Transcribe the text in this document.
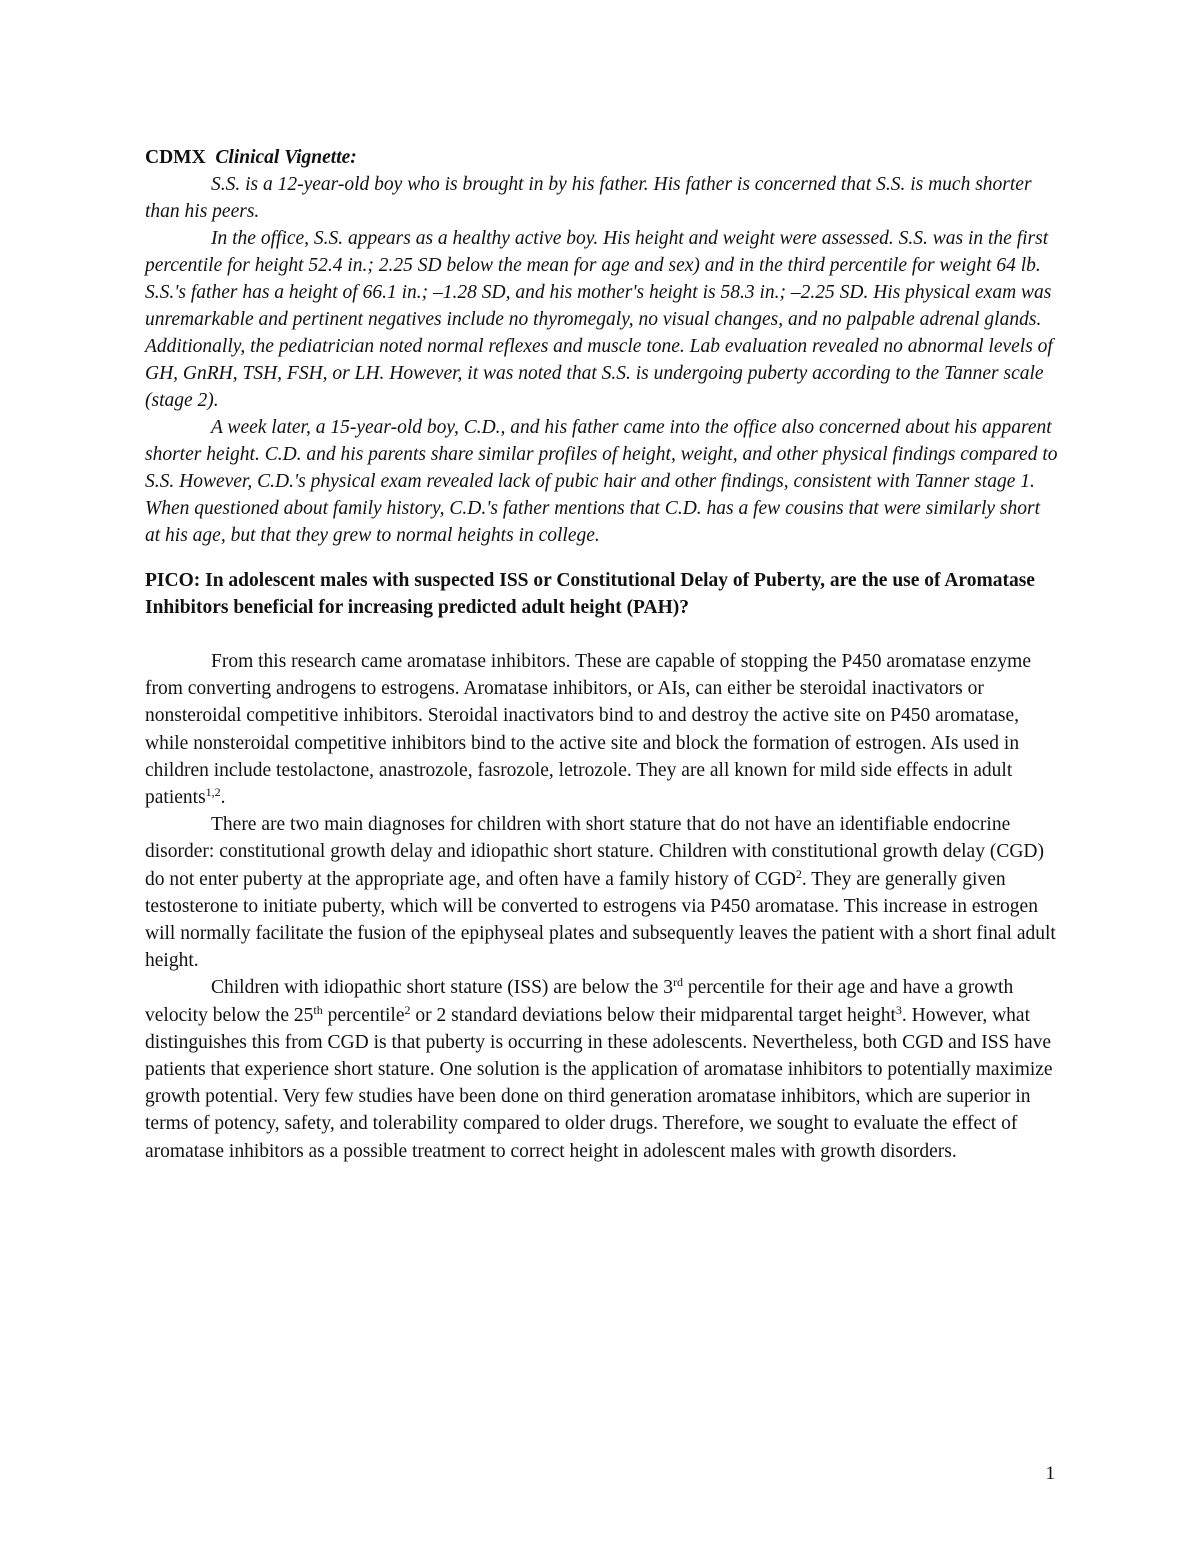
CDMX Clinical Vignette:

S.S. is a 12-year-old boy who is brought in by his father. His father is concerned that S.S. is much shorter than his peers.

In the office, S.S. appears as a healthy active boy. His height and weight were assessed. S.S. was in the first percentile for height 52.4 in.; 2.25 SD below the mean for age and sex) and in the third percentile for weight 64 lb. S.S.'s father has a height of 66.1 in.; –1.28 SD, and his mother's height is 58.3 in.; –2.25 SD. His physical exam was unremarkable and pertinent negatives include no thyromegaly, no visual changes, and no palpable adrenal glands. Additionally, the pediatrician noted normal reflexes and muscle tone. Lab evaluation revealed no abnormal levels of GH, GnRH, TSH, FSH, or LH. However, it was noted that S.S. is undergoing puberty according to the Tanner scale (stage 2).

A week later, a 15-year-old boy, C.D., and his father came into the office also concerned about his apparent shorter height. C.D. and his parents share similar profiles of height, weight, and other physical findings compared to S.S. However, C.D.'s physical exam revealed lack of pubic hair and other findings, consistent with Tanner stage 1. When questioned about family history, C.D.'s father mentions that C.D. has a few cousins that were similarly short at his age, but that they grew to normal heights in college.

PICO: In adolescent males with suspected ISS or Constitutional Delay of Puberty, are the use of Aromatase Inhibitors beneficial for increasing predicted adult height (PAH)?

From this research came aromatase inhibitors. These are capable of stopping the P450 aromatase enzyme from converting androgens to estrogens. Aromatase inhibitors, or AIs, can either be steroidal inactivators or nonsteroidal competitive inhibitors. Steroidal inactivators bind to and destroy the active site on P450 aromatase, while nonsteroidal competitive inhibitors bind to the active site and block the formation of estrogen. AIs used in children include testolactone, anastrozole, fasrozole, letrozole. They are all known for mild side effects in adult patients$^{1,2}$.

There are two main diagnoses for children with short stature that do not have an identifiable endocrine disorder: constitutional growth delay and idiopathic short stature. Children with constitutional growth delay (CGD) do not enter puberty at the appropriate age, and often have a family history of CGD$^2$. They are generally given testosterone to initiate puberty, which will be converted to estrogens via P450 aromatase. This increase in estrogen will normally facilitate the fusion of the epiphyseal plates and subsequently leaves the patient with a short final adult height.

Children with idiopathic short stature (ISS) are below the 3rd percentile for their age and have a growth velocity below the 25th percentile$^2$ or 2 standard deviations below their midparental target height$^3$. However, what distinguishes this from CGD is that puberty is occurring in these adolescents. Nevertheless, both CGD and ISS have patients that experience short stature. One solution is the application of aromatase inhibitors to potentially maximize growth potential. Very few studies have been done on third generation aromatase inhibitors, which are superior in terms of potency, safety, and tolerability compared to older drugs. Therefore, we sought to evaluate the effect of aromatase inhibitors as a possible treatment to correct height in adolescent males with growth disorders.

1
